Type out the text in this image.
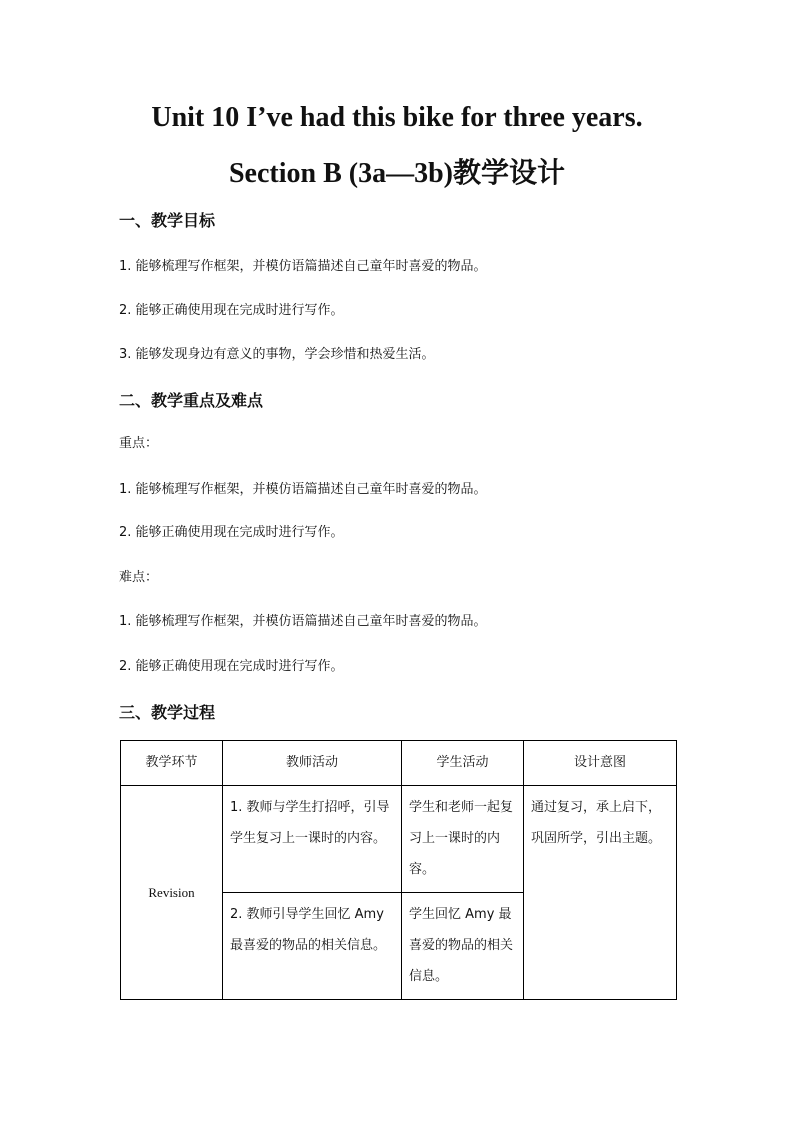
Unit 10 I’ve had this bike for three years.
Section B (3a—3b)教学设计
一、教学目标
1. 能够梳理写作框架，并模仿语篇描述自己童年时喜爱的物品。
2. 能够正确使用现在完成时进行写作。
3. 能够发现身边有意义的事物，学会珍惜和热爱生活。
二、教学重点及难点
重点：
1. 能够梳理写作框架，并模仿语篇描述自己童年时喜爱的物品。
2. 能够正确使用现在完成时进行写作。
难点：
1. 能够梳理写作框架，并模仿语篇描述自己童年时喜爱的物品。
2. 能够正确使用现在完成时进行写作。
三、教学过程
教学环节	教师活动	学生活动	设计意图
Revision	1. 教师与学生打招呼，引导学生复习上一课时的内容。	学生和老师一起复习上一课时的内容。	通过复习，承上启下，巩固所学，引出主题。
	2. 教师引导学生回忆 Amy 最喜爱的物品的相关信息。	学生回忆 Amy 最喜爱的物品的相关信息。	
